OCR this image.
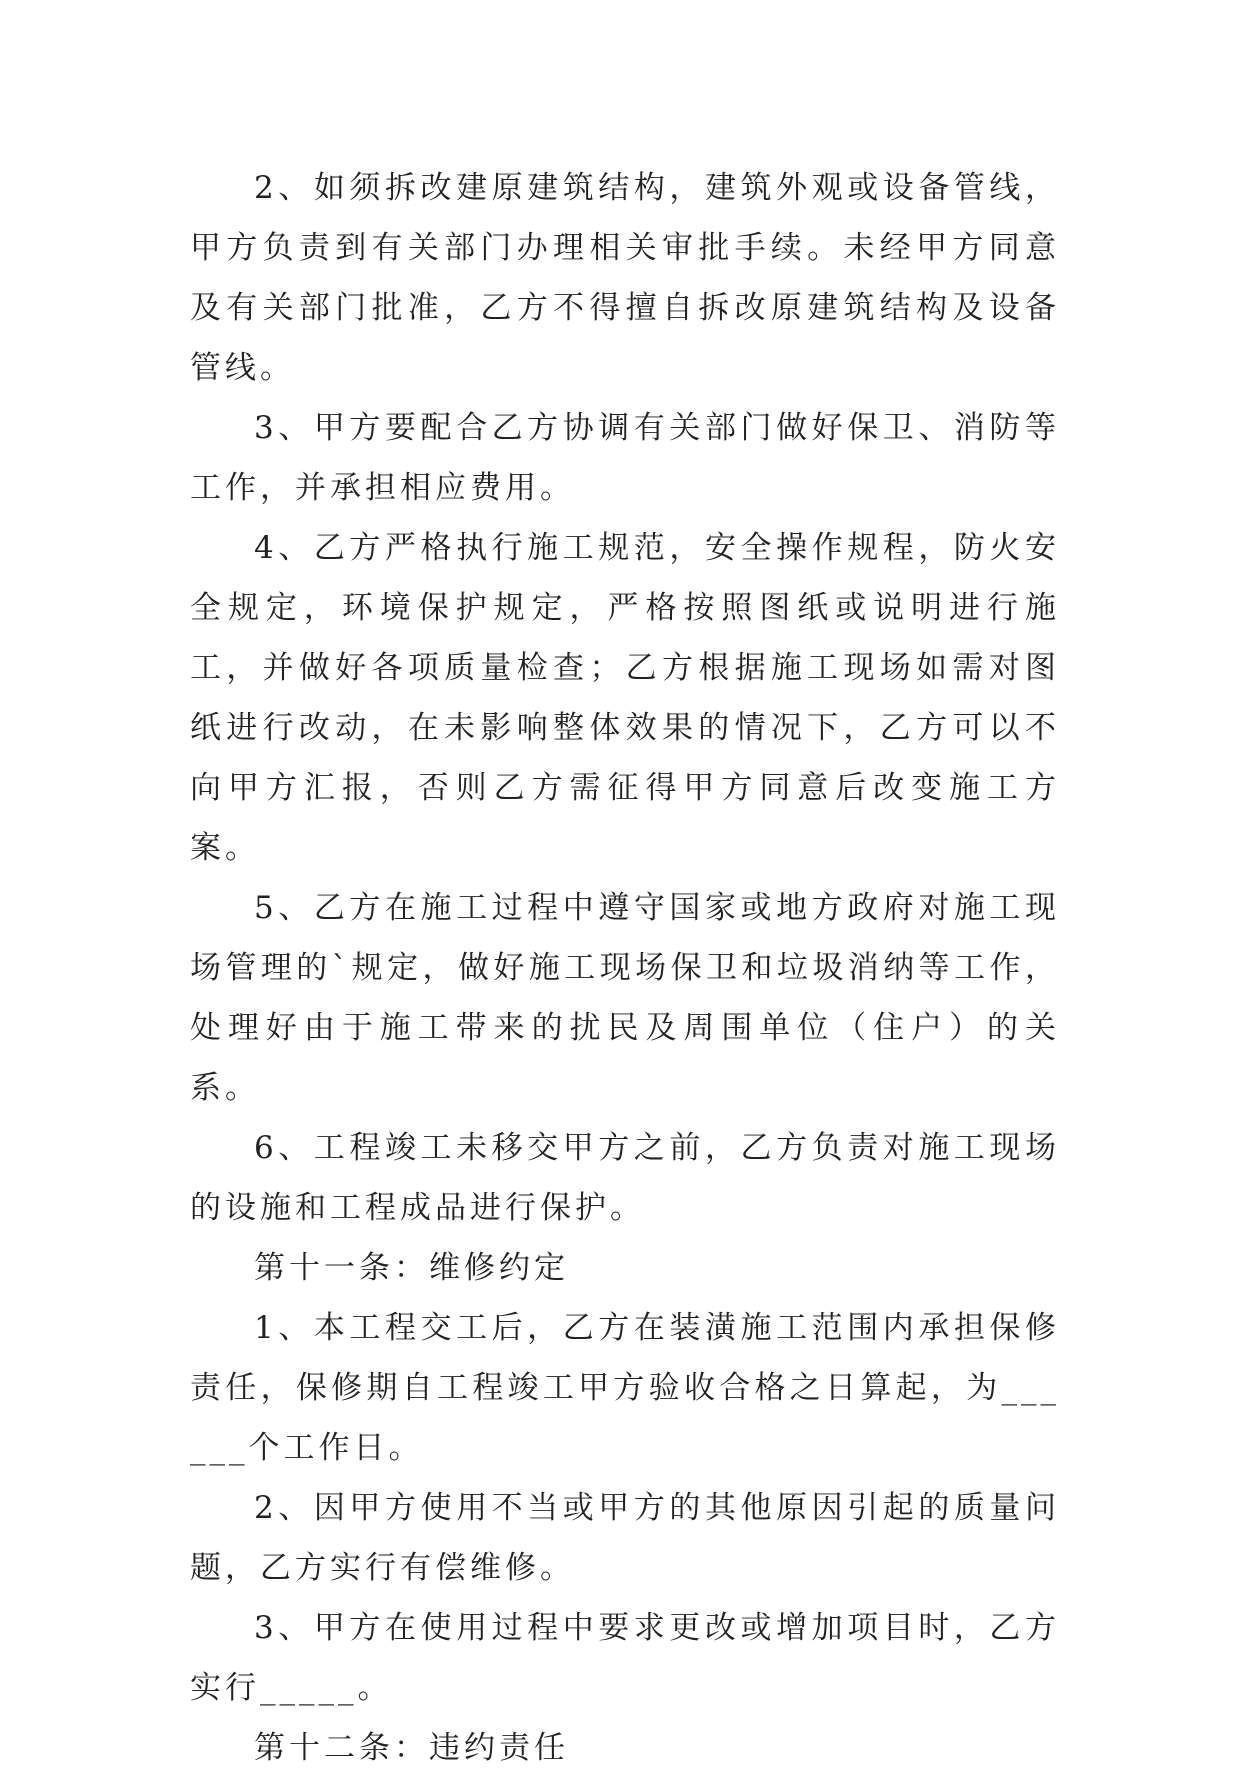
2、如须拆改建原建筑结构，建筑外观或设备管线，甲方负责到有关部门办理相关审批手续。未经甲方同意及有关部门批准，乙方不得擅自拆改原建筑结构及设备管线。

3、甲方要配合乙方协调有关部门做好保卫、消防等工作，并承担相应费用。

4、乙方严格执行施工规范，安全操作规程，防火安全规定，环境保护规定，严格按照图纸或说明进行施工，并做好各项质量检查；乙方根据施工现场如需对图纸进行改动，在未影响整体效果的情况下，乙方可以不向甲方汇报，否则乙方需征得甲方同意后改变施工方案。

5、乙方在施工过程中遵守国家或地方政府对施工现场管理的`规定，做好施工现场保卫和垃圾消纳等工作，处理好由于施工带来的扰民及周围单位（住户）的关系。

6、工程竣工未移交甲方之前，乙方负责对施工现场的设施和工程成品进行保护。

第十一条：维修约定

1、本工程交工后，乙方在装潢施工范围内承担保修责任，保修期自工程竣工甲方验收合格之日算起，为______个工作日。

2、因甲方使用不当或甲方的其他原因引起的质量问题，乙方实行有偿维修。

3、甲方在使用过程中要求更改或增加项目时，乙方实行_____。

第十二条：违约责任
